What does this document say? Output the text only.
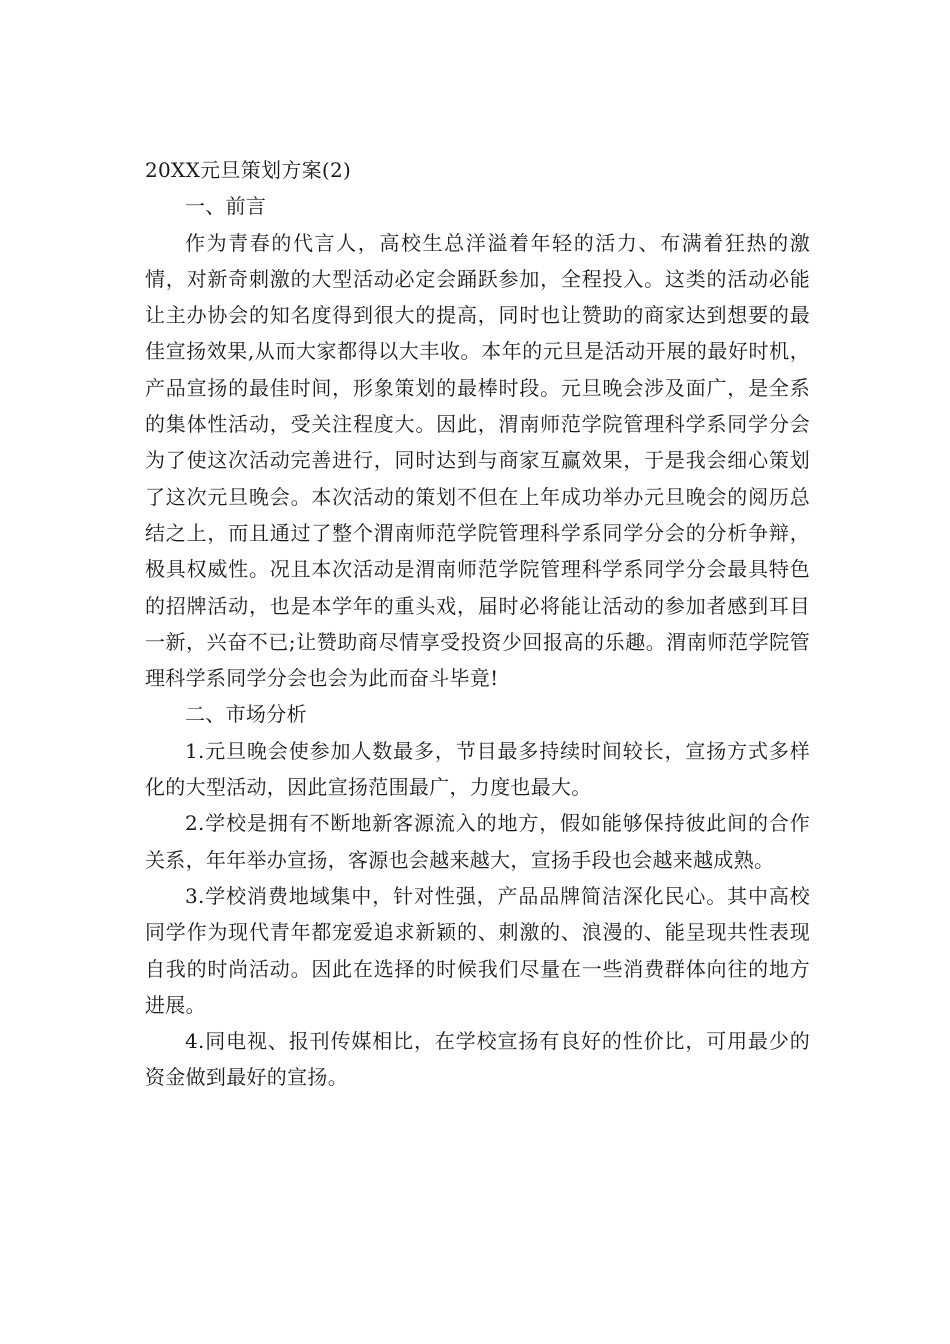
20XX元旦策划方案(2)

一、前言

作为青春的代言人，高校生总洋溢着年轻的活力、布满着狂热的激情，对新奇刺激的大型活动必定会踊跃参加，全程投入。这类的活动必能让主办协会的知名度得到很大的提高，同时也让赞助的商家达到想要的最佳宣扬效果,从而大家都得以大丰收。本年的元旦是活动开展的最好时机，产品宣扬的最佳时间，形象策划的最棒时段。元旦晚会涉及面广，是全系的集体性活动，受关注程度大。因此，渭南师范学院管理科学系同学分会为了使这次活动完善进行，同时达到与商家互赢效果，于是我会细心策划了这次元旦晚会。本次活动的策划不但在上年成功举办元旦晚会的阅历总结之上，而且通过了整个渭南师范学院管理科学系同学分会的分析争辩，极具权威性。况且本次活动是渭南师范学院管理科学系同学分会最具特色的招牌活动，也是本学年的重头戏，届时必将能让活动的参加者感到耳目一新，兴奋不已;让赞助商尽情享受投资少回报高的乐趣。渭南师范学院管理科学系同学分会也会为此而奋斗毕竟!

二、市场分析

1.元旦晚会使参加人数最多，节目最多持续时间较长，宣扬方式多样化的大型活动，因此宣扬范围最广，力度也最大。

2.学校是拥有不断地新客源流入的地方，假如能够保持彼此间的合作关系，年年举办宣扬，客源也会越来越大，宣扬手段也会越来越成熟。

3.学校消费地域集中，针对性强，产品品牌简洁深化民心。其中高校同学作为现代青年都宠爱追求新颖的、刺激的、浪漫的、能呈现共性表现自我的时尚活动。因此在选择的时候我们尽量在一些消费群体向往的地方进展。

4.同电视、报刊传媒相比，在学校宣扬有良好的性价比，可用最少的资金做到最好的宣扬。
